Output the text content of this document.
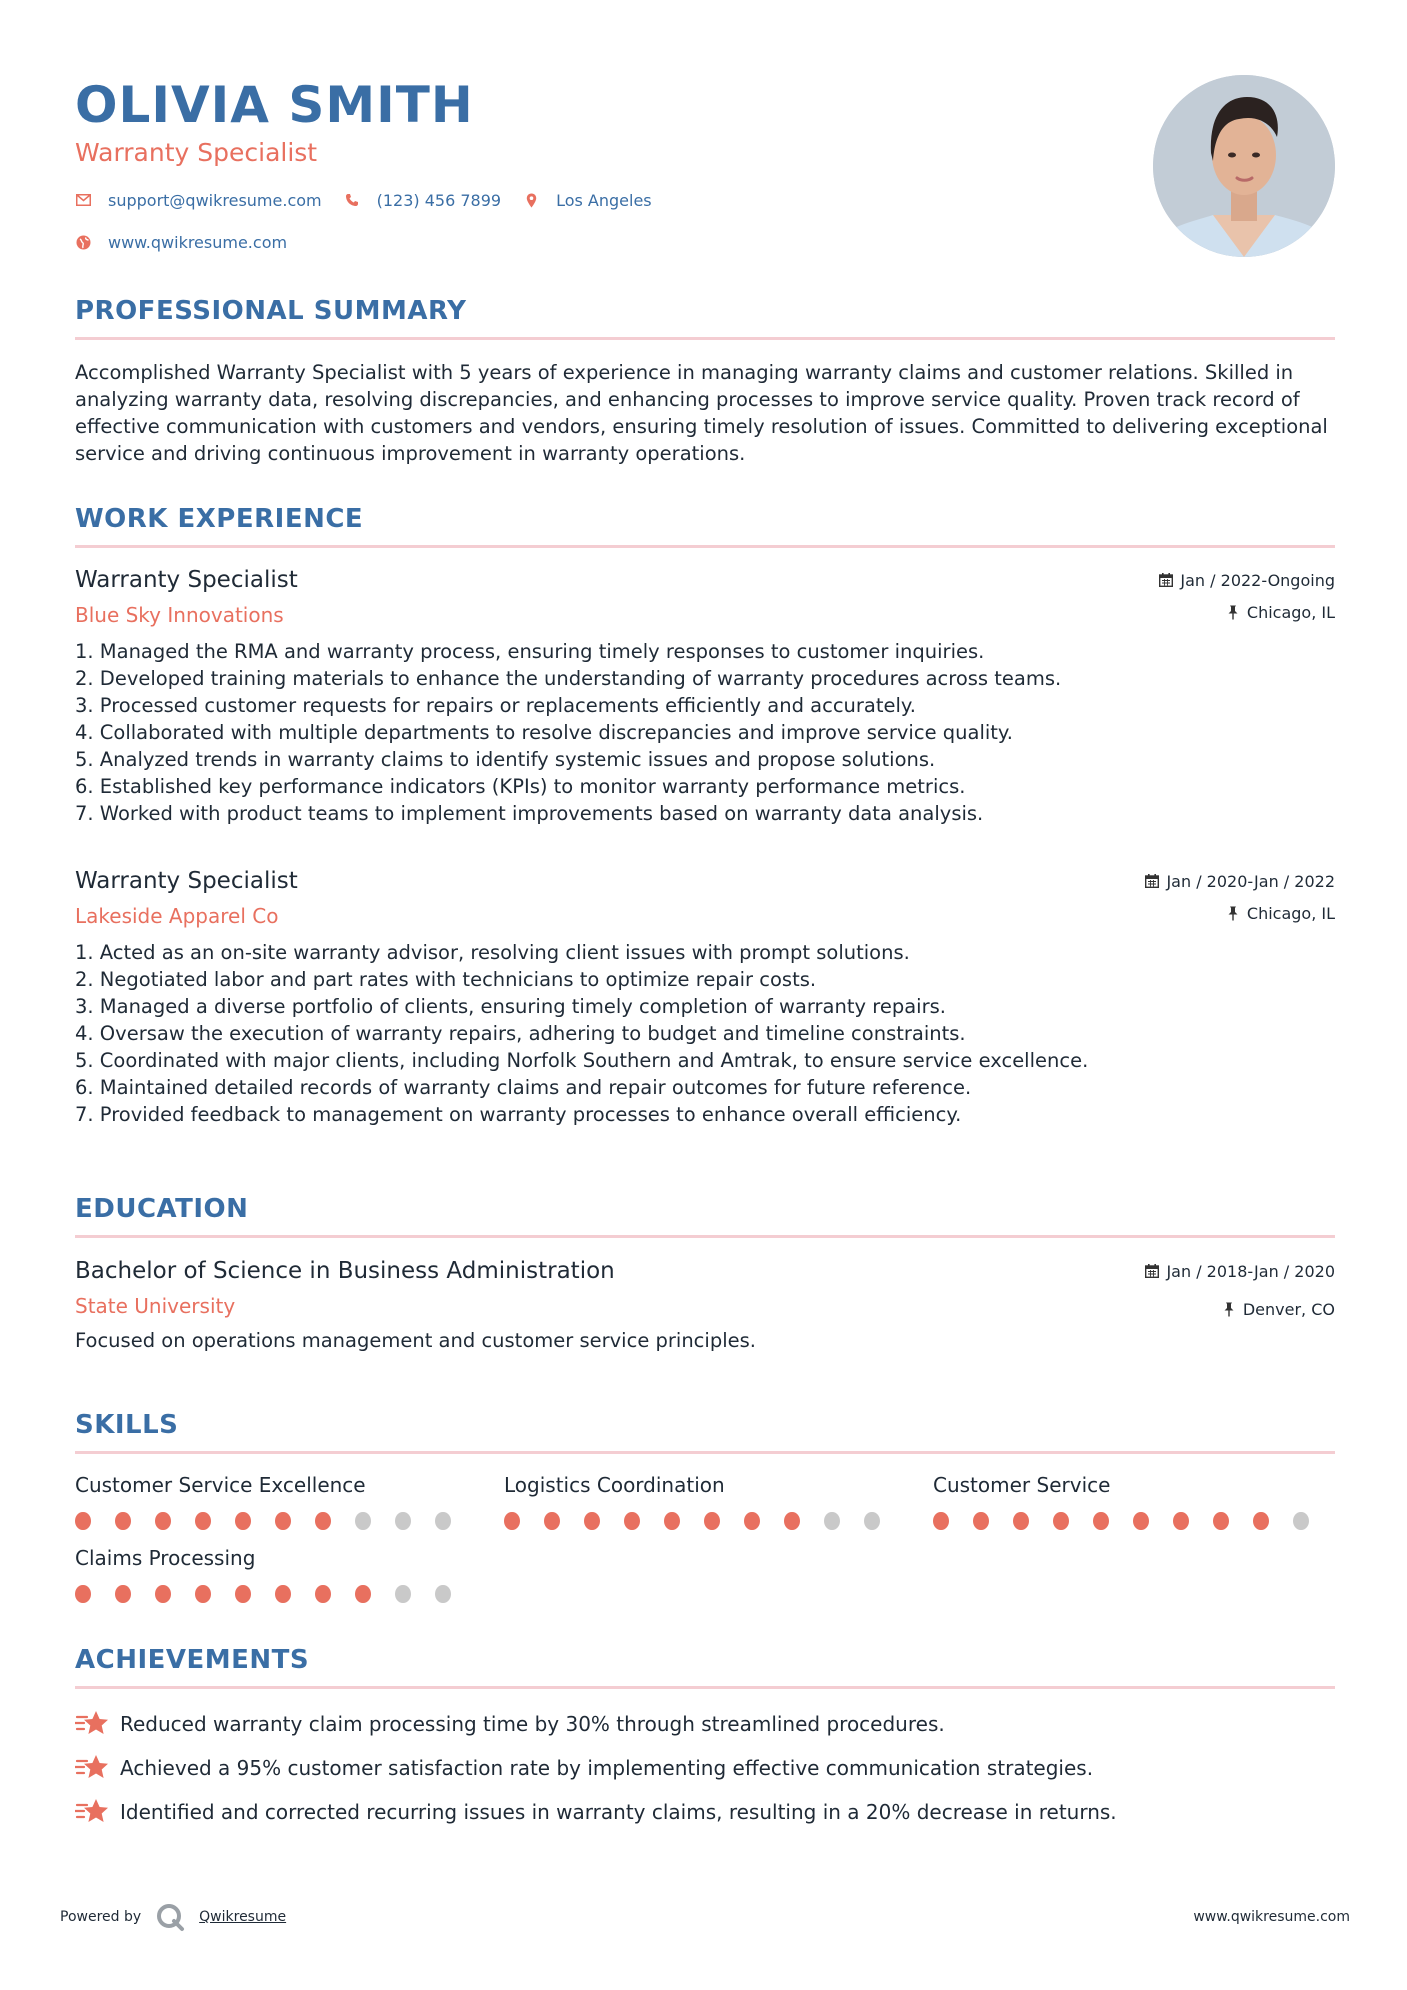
OLIVIA SMITH
Warranty Specialist
support@qwikresume.com	(123) 456 7899	Los Angeles
www.qwikresume.com
PROFESSIONAL SUMMARY
Accomplished Warranty Specialist with 5 years of experience in managing warranty claims and customer relations. Skilled in analyzing warranty data, resolving discrepancies, and enhancing processes to improve service quality. Proven track record of effective communication with customers and vendors, ensuring timely resolution of issues. Committed to delivering exceptional service and driving continuous improvement in warranty operations.
WORK EXPERIENCE
Warranty Specialist
Blue Sky Innovations
Jan / 2022-Ongoing
Chicago, IL
1. Managed the RMA and warranty process, ensuring timely responses to customer inquiries.
2. Developed training materials to enhance the understanding of warranty procedures across teams.
3. Processed customer requests for repairs or replacements efficiently and accurately.
4. Collaborated with multiple departments to resolve discrepancies and improve service quality.
5. Analyzed trends in warranty claims to identify systemic issues and propose solutions.
6. Established key performance indicators (KPIs) to monitor warranty performance metrics.
7. Worked with product teams to implement improvements based on warranty data analysis.
Warranty Specialist
Lakeside Apparel Co
Jan / 2020-Jan / 2022
Chicago, IL
1. Acted as an on-site warranty advisor, resolving client issues with prompt solutions.
2. Negotiated labor and part rates with technicians to optimize repair costs.
3. Managed a diverse portfolio of clients, ensuring timely completion of warranty repairs.
4. Oversaw the execution of warranty repairs, adhering to budget and timeline constraints.
5. Coordinated with major clients, including Norfolk Southern and Amtrak, to ensure service excellence.
6. Maintained detailed records of warranty claims and repair outcomes for future reference.
7. Provided feedback to management on warranty processes to enhance overall efficiency.
EDUCATION
Bachelor of Science in Business Administration
State University
Jan / 2018-Jan / 2020
Denver, CO
Focused on operations management and customer service principles.
SKILLS
Customer Service Excellence	Logistics Coordination	Customer Service
Claims Processing
ACHIEVEMENTS
Reduced warranty claim processing time by 30% through streamlined procedures.
Achieved a 95% customer satisfaction rate by implementing effective communication strategies.
Identified and corrected recurring issues in warranty claims, resulting in a 20% decrease in returns.
Powered by	Qwikresume	www.qwikresume.com
